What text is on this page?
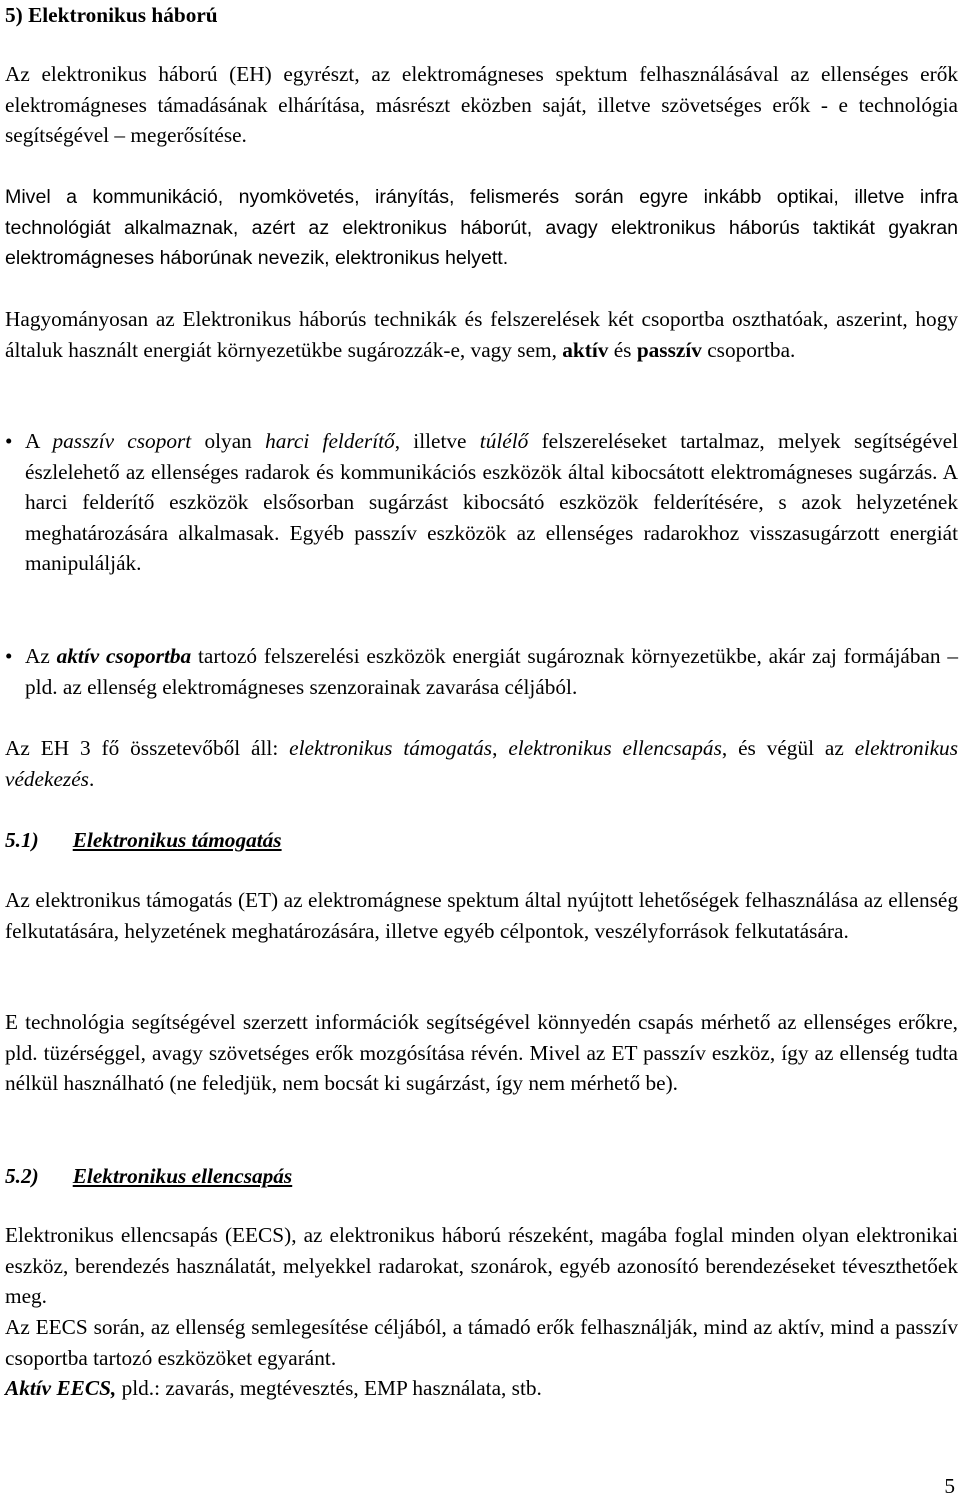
5) Elektronikus háború
Az elektronikus háború (EH) egyrészt, az elektromágneses spektum felhasználásával az ellenséges erők elektromágneses támadásának elhárítása, másrészt eközben saját, illetve szövetséges erők - e technológia segítségével – megerősítése.
Mivel a kommunikáció, nyomkövetés, irányítás, felismerés során egyre inkább optikai, illetve infra technológiát alkalmaznak, azért az elektronikus háborút, avagy elektronikus háborús taktikát gyakran elektromágneses háborúnak nevezik, elektronikus helyett.
Hagyományosan az Elektronikus háborús technikák és felszerelések két csoportba oszthatóak, aszerint, hogy általuk használt energiát környezetükbe sugározzák-e, vagy sem, aktív és passzív csoportba.
• A passzív csoport olyan harci felderítő, illetve túlélő felszereléseket tartalmaz, melyek segítségével észlelehető az ellenséges radarok és kommunikációs eszközök által kibocsátott elektromágneses sugárzás. A harci felderítő eszközök elsősorban sugárzást kibocsátó eszközök felderítésére, s azok helyzetének meghatározására alkalmasak. Egyéb passzív eszközök az ellenséges radarokhoz visszasugárzott energiát manipulálják.
• Az aktív csoportba tartozó felszerelési eszközök energiát sugároznak környezetükbe, akár zaj formájában – pld. az ellenség elektromágneses szenzorainak zavarása céljából.
Az EH 3 fő összetevőből áll: elektronikus támogatás, elektronikus ellencsapás, és végül az elektronikus védekezés.
5.1) Elektronikus támogatás
Az elektronikus támogatás (ET) az elektromágnese spektum által nyújtott lehetőségek felhasználása az ellenség felkutatására, helyzetének meghatározására, illetve egyéb célpontok, veszélyforrások felkutatására.
E technológia segítségével szerzett információk segítségével könnyedén csapás mérhető az ellenséges erőkre, pld. tüzérséggel, avagy szövetséges erők mozgósítása révén. Mivel az ET passzív eszköz, így az ellenség tudta nélkül használható (ne feledjük, nem bocsát ki sugárzást, így nem mérhető be).
5.2) Elektronikus ellencsapás
Elektronikus ellencsapás (EECS), az elektronikus háború részeként, magába foglal minden olyan elektronikai eszköz, berendezés használatát, melyekkel radarokat, szonárok, egyéb azonosító berendezéseket téveszthetőek meg.
Az EECS során, az ellenség semlegesítése céljából, a támadó erők felhasználják, mind az aktív, mind a passzív csoportba tartozó eszközöket egyaránt.
Aktív EECS, pld.: zavarás, megtévesztés, EMP használata, stb.
5
